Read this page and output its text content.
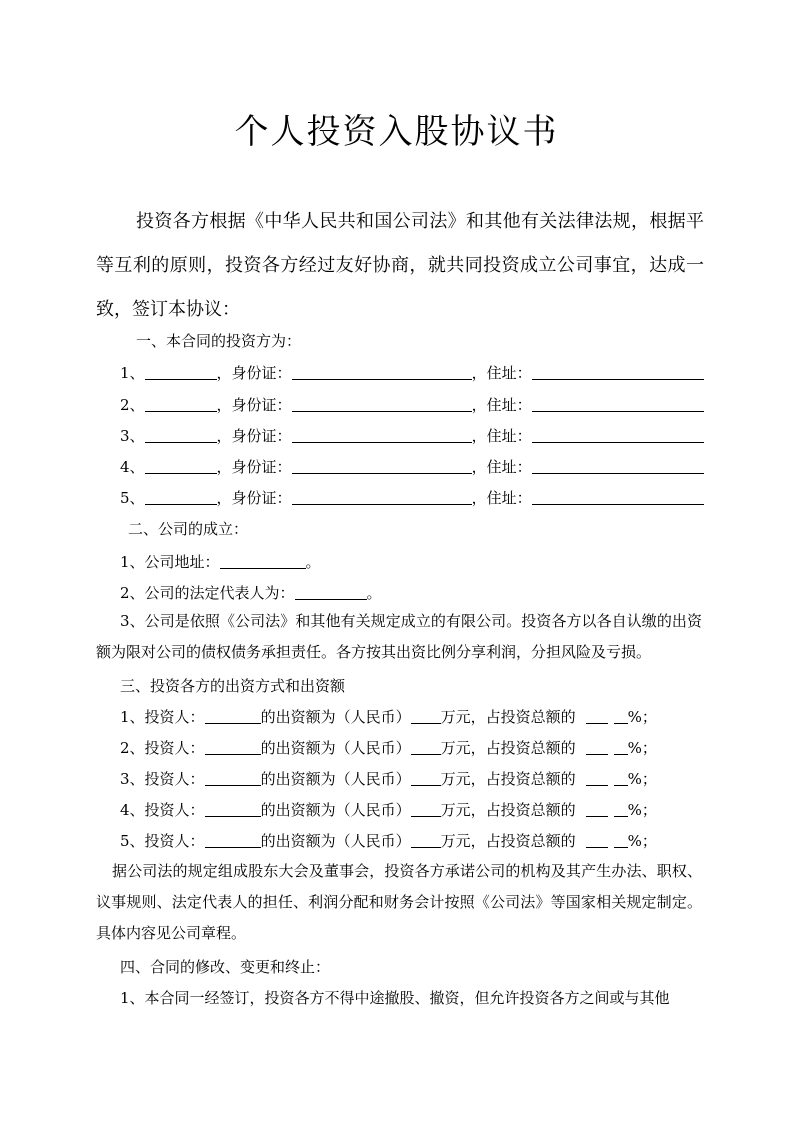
个人投资入股协议书
投资各方根据《中华人民共和国公司法》和其他有关法律法规，根据平等互利的原则，投资各方经过友好协商，就共同投资成立公司事宜，达成一致，签订本协议：
一、本合同的投资方为：
1、	，身份证：	，住址：
2、	，身份证：	，住址：
3、	，身份证：	，住址：
4、	，身份证：	，住址：
5、	，身份证：	，住址：
二、公司的成立：
1、公司地址：	。
2、公司的法定代表人为：	。
3、公司是依照《公司法》和其他有关规定成立的有限公司。投资各方以各自认缴的出资额为限对公司的债权债务承担责任。各方按其出资比例分享利润，分担风险及亏损。
三、投资各方的出资方式和出资额
1、投资人：	的出资额为（人民币） 万元，占投资总额的	%；
2、投资人：	的出资额为（人民币） 万元，占投资总额的	%；
3、投资人：	的出资额为（人民币） 万元，占投资总额的	%；
4、投资人：	的出资额为（人民币） 万元，占投资总额的	%；
5、投资人：	的出资额为（人民币） 万元，占投资总额的	%；
据公司法的规定组成股东大会及董事会，投资各方承诺公司的机构及其产生办法、职权、议事规则、法定代表人的担任、利润分配和财务会计按照《公司法》等国家相关规定制定。具体内容见公司章程。
四、合同的修改、变更和终止：
1、本合同一经签订，投资各方不得中途撤股、撤资，但允许投资各方之间或与其他
